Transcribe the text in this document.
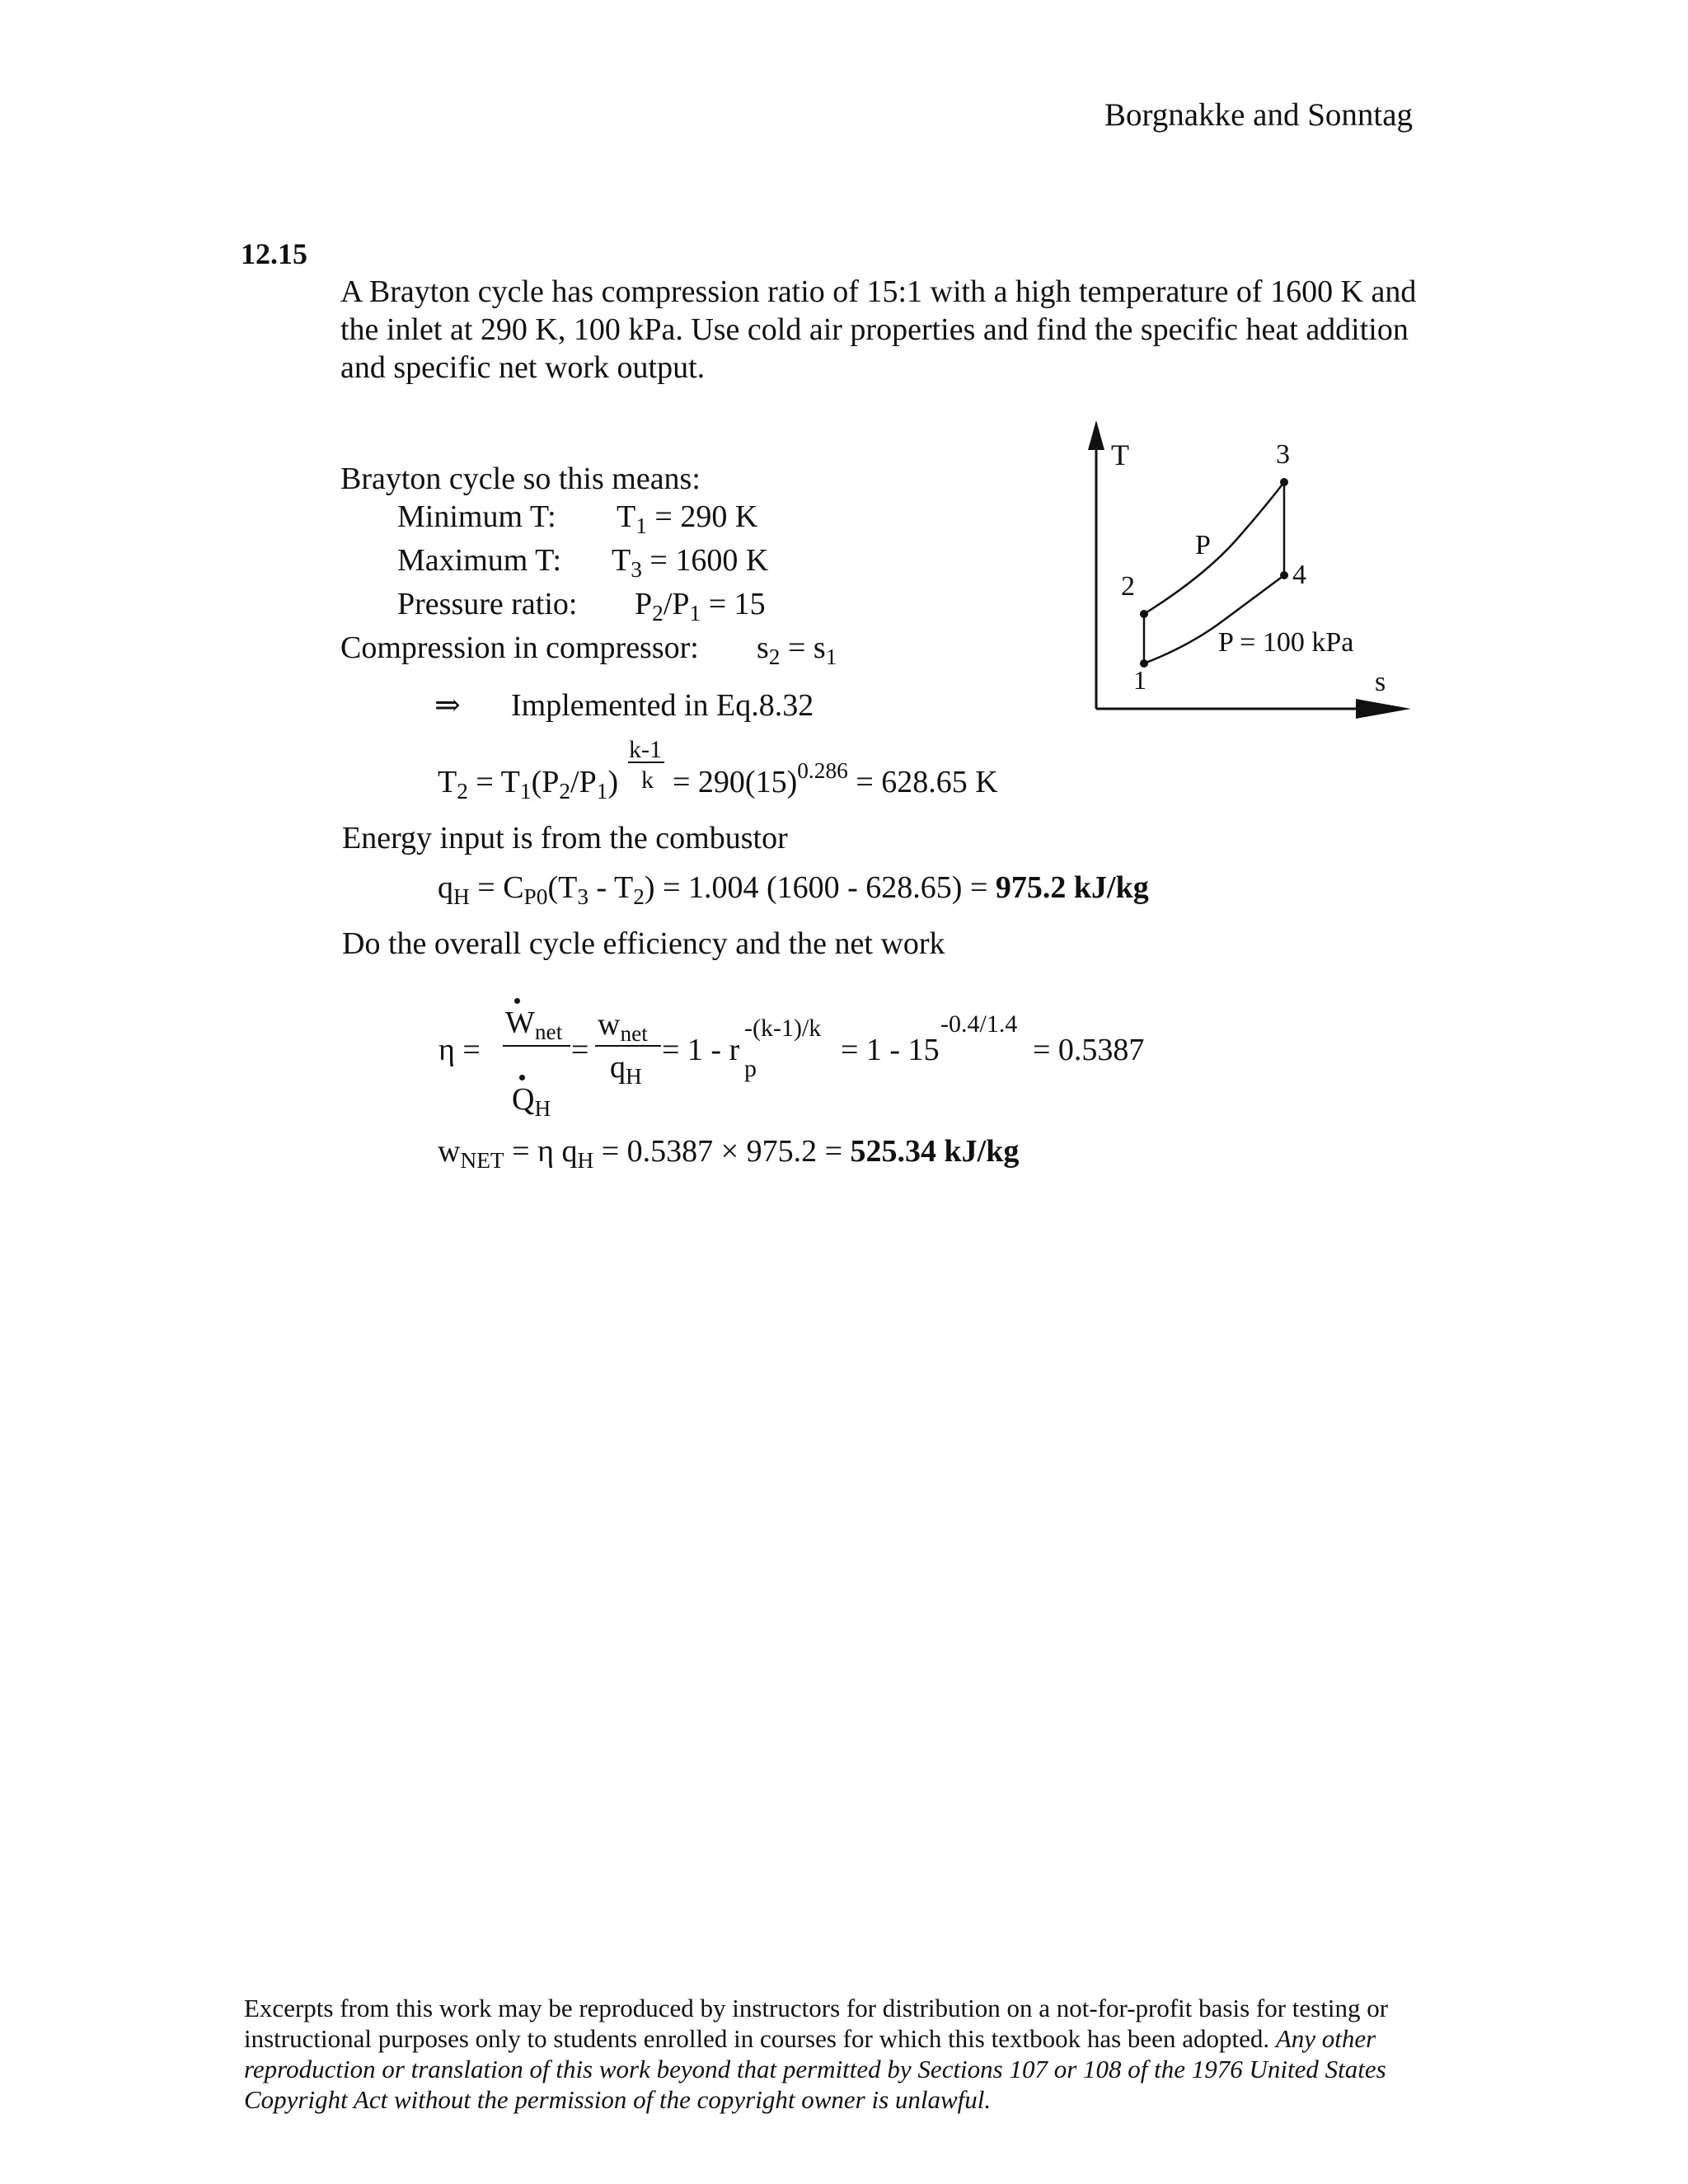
Borgnakke and Sonntag
12.15
A Brayton cycle has compression ratio of 15:1 with a high temperature of 1600 K and the inlet at 290 K, 100 kPa. Use cold air properties and find the specific heat addition and specific net work output.
Brayton cycle so this means:
Minimum T: $T_1 = 290$ K
Maximum T: $T_3 = 1600$ K
Pressure ratio: $P_2/P_1 = 15$
Compression in compressor: $s_2 = s_1$
⇒ Implemented in Eq.8.32
k-1
k
$T_2 = T_1(P_2/P_1) = 290(15)^{0.286} = 628.65$ K
Energy input is from the combustor
$q_H = C_{P0}(T_3 - T_2) = 1.004$ (1600 - 628.65) = 975.2 kJ/kg
Do the overall cycle efficiency and the net work
η =
$W_{net}$
$Q_H$
=
$w_{net}$
$q_H$
= 1 - r
-(k-1)/k
p
= 1 - 15
-0.4/1.4
= 0.5387
$w_{NET} = \eta$ $q_H = 0.5387 \times 975.2 = 525.34$ kJ/kg
T
s
1
2
3
4
P
P = 100 kPa
Excerpts from this work may be reproduced by instructors for distribution on a not-for-profit basis for testing or instructional purposes only to students enrolled in courses for which this textbook has been adopted. Any other reproduction or translation of this work beyond that permitted by Sections 107 or 108 of the 1976 United States Copyright Act without the permission of the copyright owner is unlawful.
